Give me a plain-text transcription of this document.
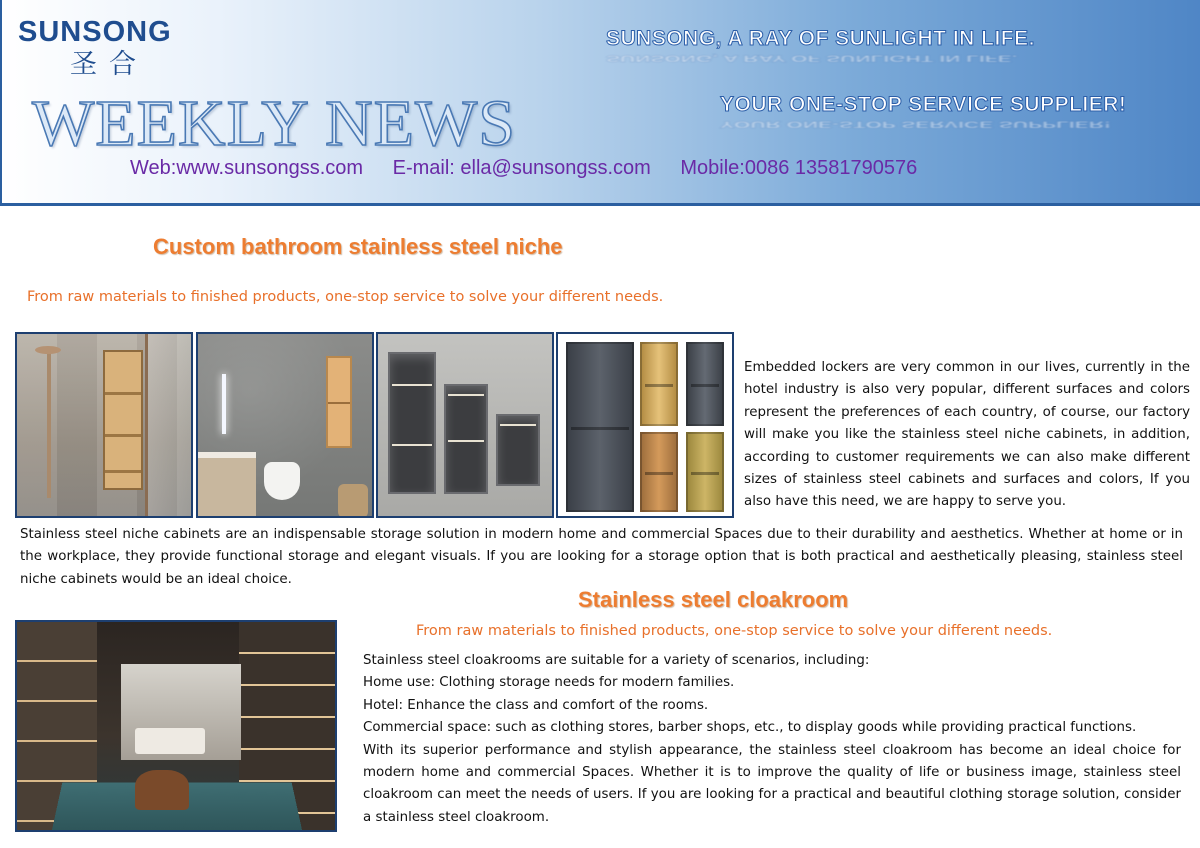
SUNSONG
圣合
WEEKLY NEWS
SUNSONG, A RAY OF SUNLIGHT IN LIFE.
SUNSONG, A RAY OF SUNLIGHT IN LIFE.
YOUR ONE-STOP SERVICE SUPPLIER!
YOUR ONE-STOP SERVICE SUPPLIER!
Web:www.sunsongss.com E-mail: ella@sunsongss.com Mobile:0086 13581790576
Custom bathroom stainless steel niche
From raw materials to finished products, one-stop service to solve your different needs.
Embedded lockers are very common in our lives, currently in the hotel industry is also very popular, different surfaces and colors represent the preferences of each country, of course, our factory will make you like the stainless steel niche cabinets, in addition, according to customer requirements we can also make different sizes of stainless steel cabinets and surfaces and colors, If you also have this need, we are happy to serve you.
Stainless steel niche cabinets are an indispensable storage solution in modern home and commercial Spaces due to their durability and aesthetics. Whether at home or in the workplace, they provide functional storage and elegant visuals. If you are looking for a storage option that is both practical and aesthetically pleasing, stainless steel niche cabinets would be an ideal choice.
Stainless steel cloakroom
From raw materials to finished products, one-stop service to solve your different needs.

Stainless steel cloakrooms are suitable for a variety of scenarios, including:

Home use: Clothing storage needs for modern families.

Hotel: Enhance the class and comfort of the rooms.

Commercial space: such as clothing stores, barber shops, etc., to display goods while providing practical functions.

With its superior performance and stylish appearance, the stainless steel cloakroom has become an ideal choice for modern home and commercial Spaces. Whether it is to improve the quality of life or business image, stainless steel cloakroom can meet the needs of users. If you are looking for a practical and beautiful clothing storage solution, consider a stainless steel cloakroom.
